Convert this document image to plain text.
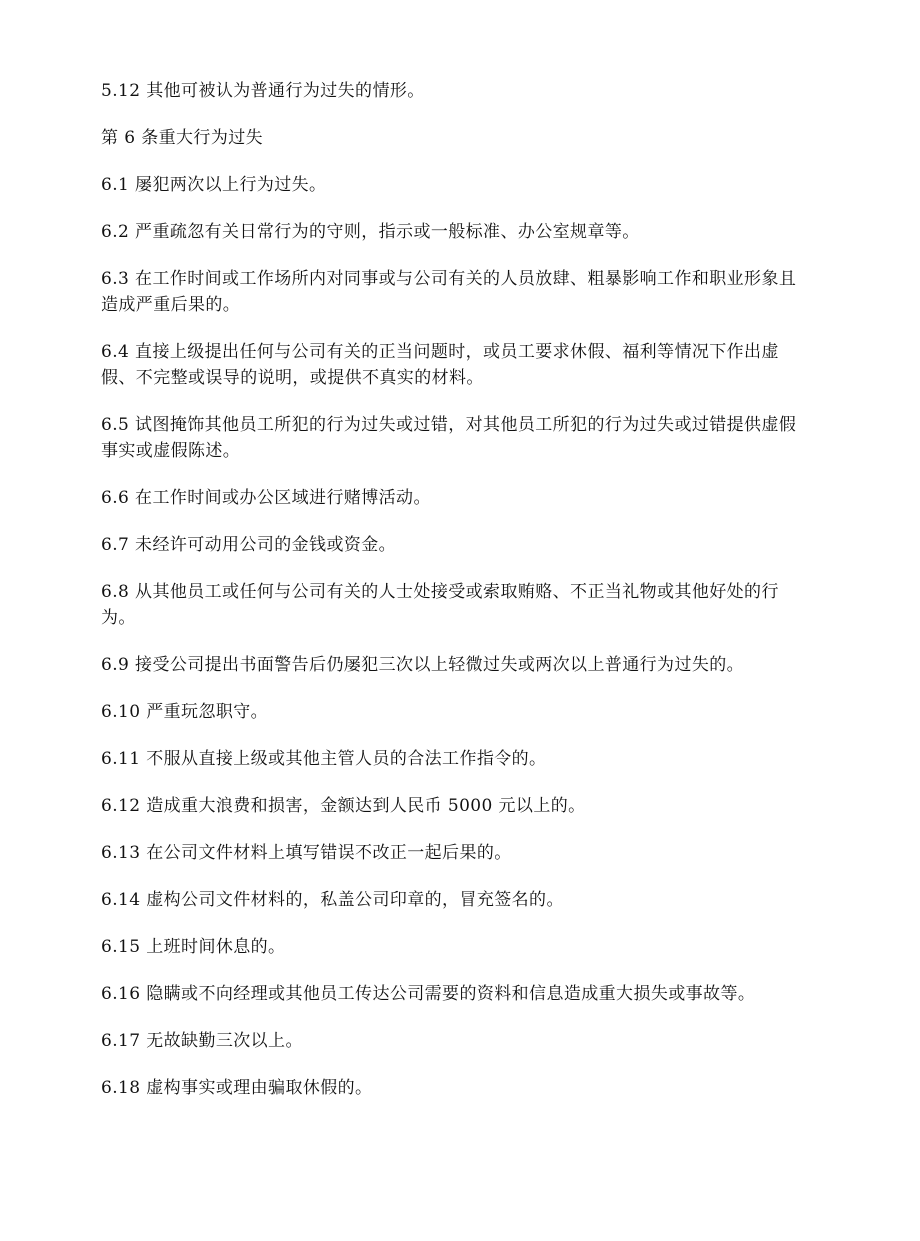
5.12 其他可被认为普通行为过失的情形。

第 6 条重大行为过失

6.1 屡犯两次以上行为过失。

6.2 严重疏忽有关日常行为的守则，指示或一般标准、办公室规章等。

6.3 在工作时间或工作场所内对同事或与公司有关的人员放肆、粗暴影响工作和职业形象且造成严重后果的。

6.4 直接上级提出任何与公司有关的正当问题时，或员工要求休假、福利等情况下作出虚假、不完整或误导的说明，或提供不真实的材料。

6.5 试图掩饰其他员工所犯的行为过失或过错，对其他员工所犯的行为过失或过错提供虚假事实或虚假陈述。

6.6 在工作时间或办公区域进行赌博活动。

6.7 未经许可动用公司的金钱或资金。

6.8 从其他员工或任何与公司有关的人士处接受或索取贿赂、不正当礼物或其他好处的行为。

6.9 接受公司提出书面警告后仍屡犯三次以上轻微过失或两次以上普通行为过失的。

6.10 严重玩忽职守。

6.11 不服从直接上级或其他主管人员的合法工作指令的。

6.12 造成重大浪费和损害，金额达到人民币 5000 元以上的。

6.13 在公司文件材料上填写错误不改正一起后果的。

6.14 虚构公司文件材料的，私盖公司印章的，冒充签名的。

6.15 上班时间休息的。

6.16 隐瞒或不向经理或其他员工传达公司需要的资料和信息造成重大损失或事故等。

6.17 无故缺勤三次以上。

6.18 虚构事实或理由骗取休假的。
